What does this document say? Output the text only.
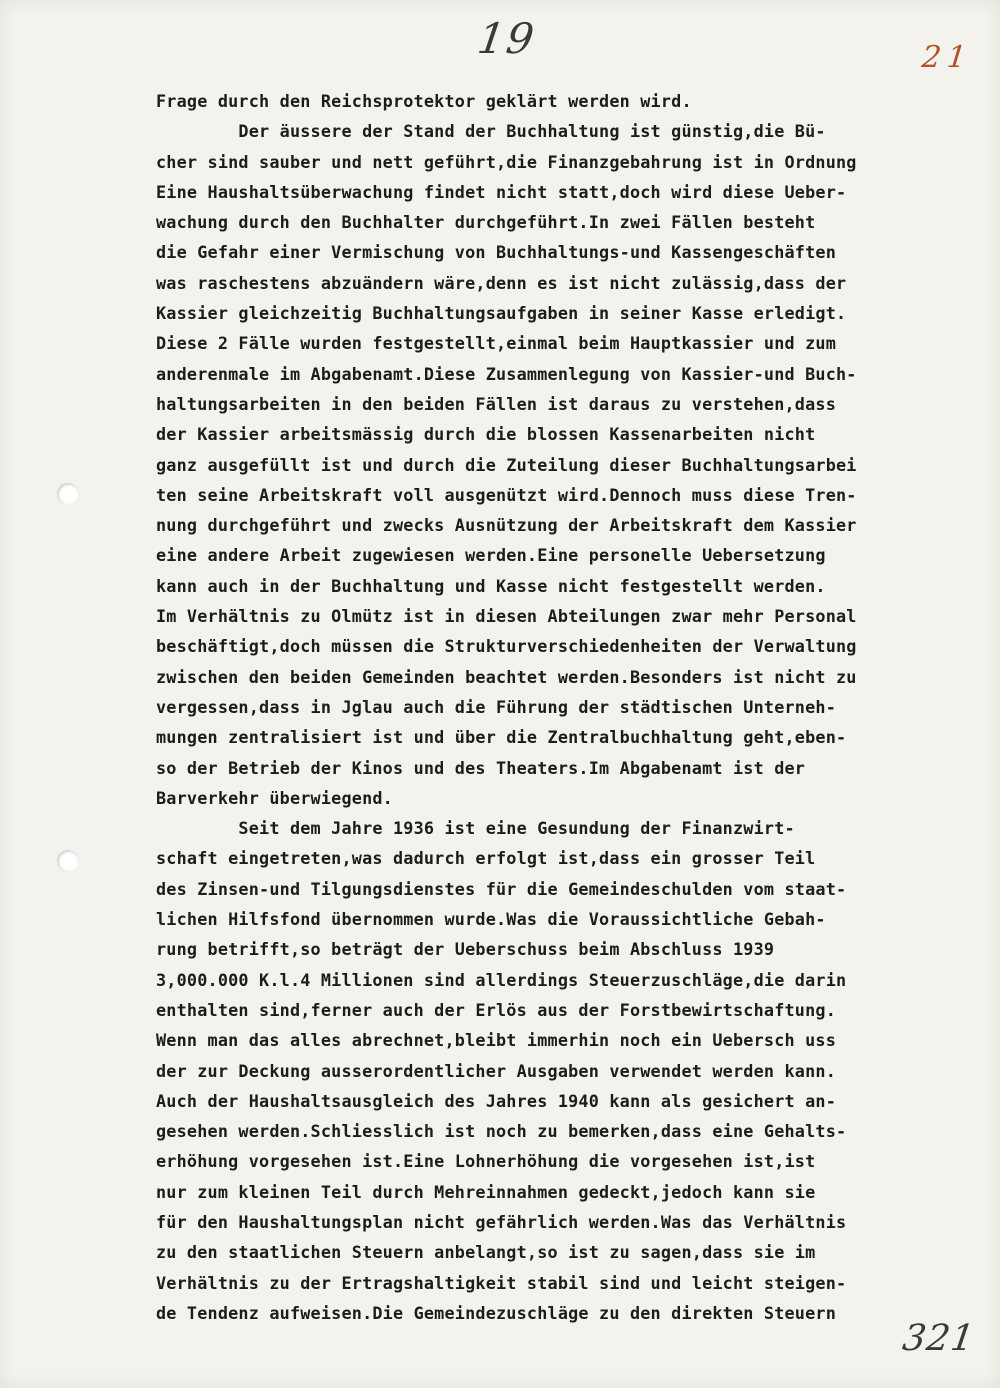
19	21
321
Frage durch den Reichsprotektor geklärt werden wird.
Der äussere der Stand der Buchhaltung ist günstig,die Bü-
cher sind sauber und nett geführt,die Finanzgebahrung ist in Ordnung
Eine Haushaltsüberwachung findet nicht statt,doch wird diese Ueber-
wachung durch den Buchhalter durchgeführt.In zwei Fällen besteht
die Gefahr einer Vermischung von Buchhaltungs-und Kassengeschäften
was raschestens abzuändern wäre,denn es ist nicht zulässig,dass der
Kassier gleichzeitig Buchhaltungsaufgaben in seiner Kasse erledigt.
Diese 2 Fälle wurden festgestellt,einmal beim Hauptkassier und zum
anderenmale im Abgabenamt.Diese Zusammenlegung von Kassier-und Buch-
haltungsarbeiten in den beiden Fällen ist daraus zu verstehen,dass
der Kassier arbeitsmässig durch die blossen Kassenarbeiten nicht
ganz ausgefüllt ist und durch die Zuteilung dieser Buchhaltungsarbei
ten seine Arbeitskraft voll ausgenützt wird.Dennoch muss diese Tren-
nung durchgeführt und zwecks Ausnützung der Arbeitskraft dem Kassier
eine andere Arbeit zugewiesen werden.Eine personelle Uebersetzung
kann auch in der Buchhaltung und Kasse nicht festgestellt werden.
Im Verhältnis zu Olmütz ist in diesen Abteilungen zwar mehr Personal
beschäftigt,doch müssen die Strukturverschiedenheiten der Verwaltung
zwischen den beiden Gemeinden beachtet werden.Besonders ist nicht zu
vergessen,dass in Jglau auch die Führung der städtischen Unterneh-
mungen zentralisiert ist und über die Zentralbuchhaltung geht,eben-
so der Betrieb der Kinos und des Theaters.Im Abgabenamt ist der
Barverkehr überwiegend.
Seit dem Jahre 1936 ist eine Gesundung der Finanzwirt-
schaft eingetreten,was dadurch erfolgt ist,dass ein grosser Teil
des Zinsen-und Tilgungsdienstes für die Gemeindeschulden vom staat-
lichen Hilfsfond übernommen wurde.Was die Voraussichtliche Gebah-
rung betrifft,so beträgt der Ueberschuss beim Abschluss 1939
3,000.000 K.l.4 Millionen sind allerdings Steuerzuschläge,die darin
enthalten sind,ferner auch der Erlös aus der Forstbewirtschaftung.
Wenn man das alles abrechnet,bleibt immerhin noch ein Uebersch uss
der zur Deckung ausserordentlicher Ausgaben verwendet werden kann.
Auch der Haushaltsausgleich des Jahres 1940 kann als gesichert an-
gesehen werden.Schliesslich ist noch zu bemerken,dass eine Gehalts-
erhöhung vorgesehen ist.Eine Lohnerhöhung die vorgesehen ist,ist
nur zum kleinen Teil durch Mehreinnahmen gedeckt,jedoch kann sie
für den Haushaltungsplan nicht gefährlich werden.Was das Verhältnis
zu den staatlichen Steuern anbelangt,so ist zu sagen,dass sie im
Verhältnis zu der Ertragshaltigkeit stabil sind und leicht steigen-
de Tendenz aufweisen.Die Gemeindezuschläge zu den direkten Steuern
